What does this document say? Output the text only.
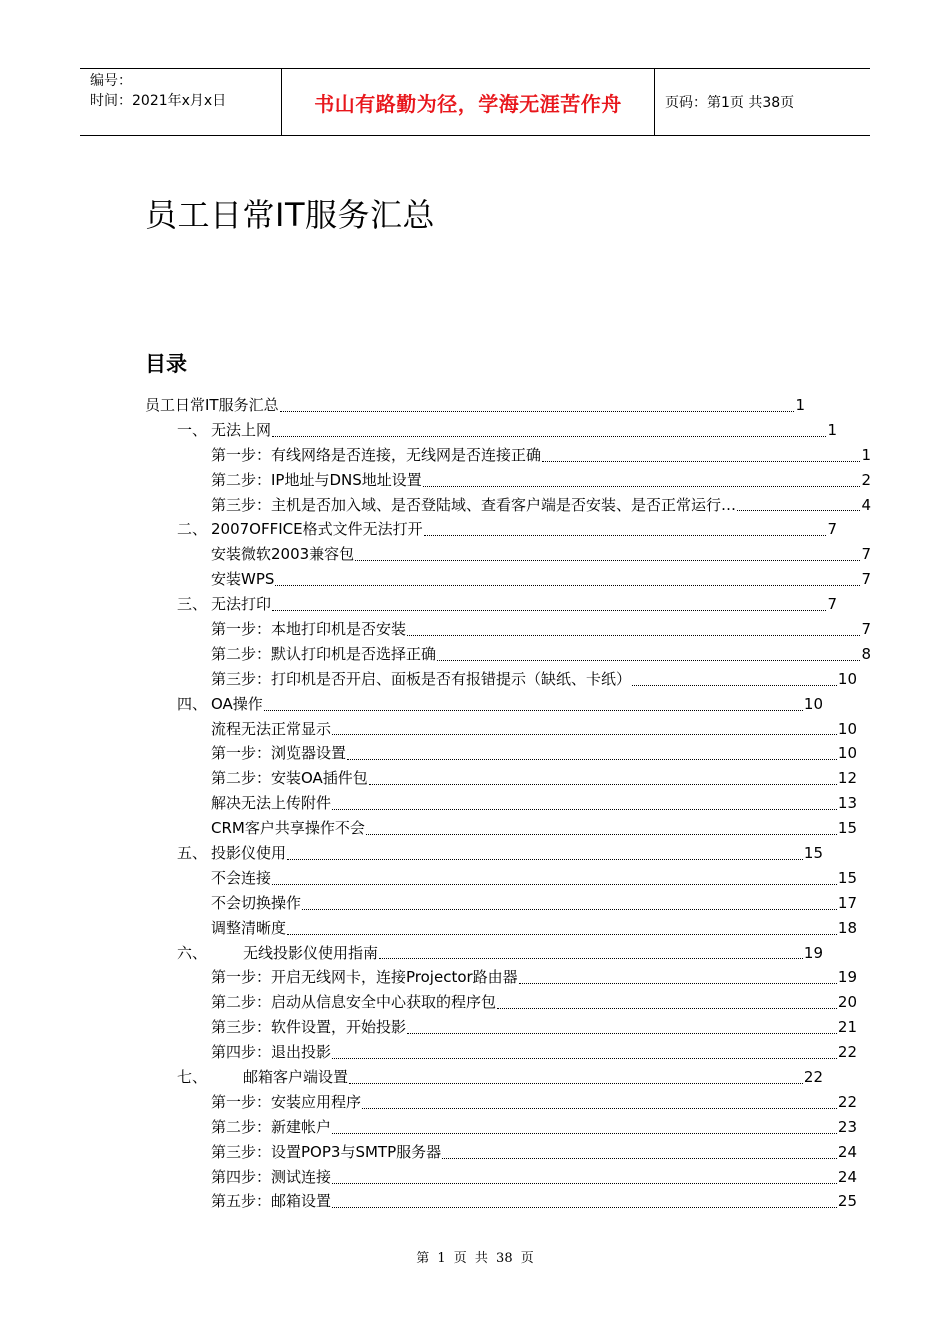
编号：
时间：2021年x月x日	书山有路勤为径，学海无涯苦作舟	页码：第1页 共38页
员工日常IT服务汇总
目录
员工日常IT服务汇总	1
一、 无法上网	1
第一步：有线网络是否连接，无线网是否连接正确	1
第二步：IP地址与DNS地址设置	2
第三步：主机是否加入域、是否登陆域、查看客户端是否安装、是否正常运行…	4
二、 2007OFFICE格式文件无法打开	7
安装微软2003兼容包	7
安装WPS	7
三、 无法打印	7
第一步：本地打印机是否安装	7
第二步：默认打印机是否选择正确	8
第三步：打印机是否开启、面板是否有报错提示（缺纸、卡纸）	10
四、 OA操作	10
流程无法正常显示	10
第一步：浏览器设置	10
第二步：安装OA插件包	12
解决无法上传附件	13
CRM客户共享操作不会	15
五、 投影仪使用	15
不会连接	15
不会切换操作	17
调整清晰度	18
六、	无线投影仪使用指南	19
第一步：开启无线网卡，连接Projector路由器	19
第二步：启动从信息安全中心获取的程序包	20
第三步：软件设置，开始投影	21
第四步：退出投影	22
七、	邮箱客户端设置	22
第一步：安装应用程序	22
第二步：新建帐户	23
第三步：设置POP3与SMTP服务器	24
第四步：测试连接	24
第五步：邮箱设置	25
第 1 页 共 38 页
